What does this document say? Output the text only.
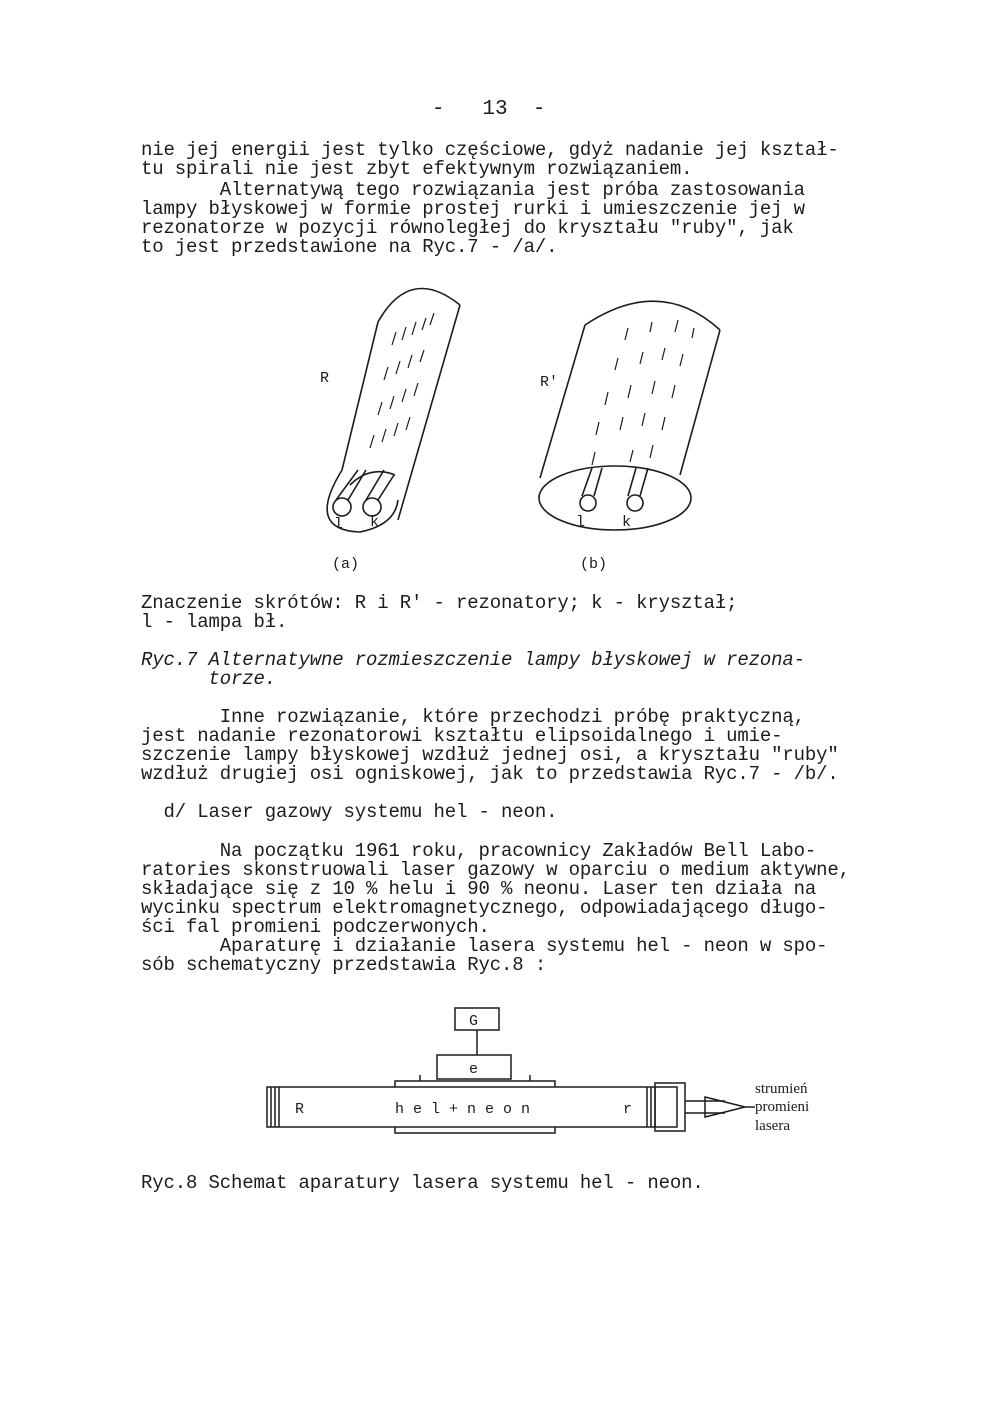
-   13  -
nie jej energii jest tylko częściowe, gdyż nadanie jej kształ-
tu spirali nie jest zbyt efektywnym rozwiązaniem.
Alternatywą tego rozwiązania jest próba zastosowania
lampy błyskowej w formie prostej rurki i umieszczenie jej w
rezonatorze w pozycji równoległej do kryształu "ruby", jak
to jest przedstawione na Ryc.7 - /a/.
R	R'
l k	l k
(a)	(b)
Znaczenie skrótów: R i R' - rezonatory; k - kryształ;
l - lampa bł.
Ryc.7 Alternatywne rozmieszczenie lampy błyskowej w rezona-
torze.
Inne rozwiązanie, które przechodzi próbę praktyczną,
jest nadanie rezonatorowi kształtu elipsoidalnego i umie-
szczenie lampy błyskowej wzdłuż jednej osi, a kryształu "ruby"
wzdłuż drugiej osi ogniskowej, jak to przedstawia Ryc.7 - /b/.
d/ Laser gazowy systemu hel - neon.
Na początku 1961 roku, pracownicy Zakładów Bell Labo-
ratories skonstruowali laser gazowy w oparciu o medium aktywne,
składające się z 10 % helu i 90 % neonu. Laser ten działa na
wycinku spectrum elektromagnetycznego, odpowiadającego długo-
ści fal promieni podczerwonych.
Aparaturę i działanie lasera systemu hel - neon w spo-
sób schematyczny przedstawia Ryc.8 :
G
e
R	h e l + n e o n	r
strumień
promieni
lasera
Ryc.8 Schemat aparatury lasera systemu hel - neon.
